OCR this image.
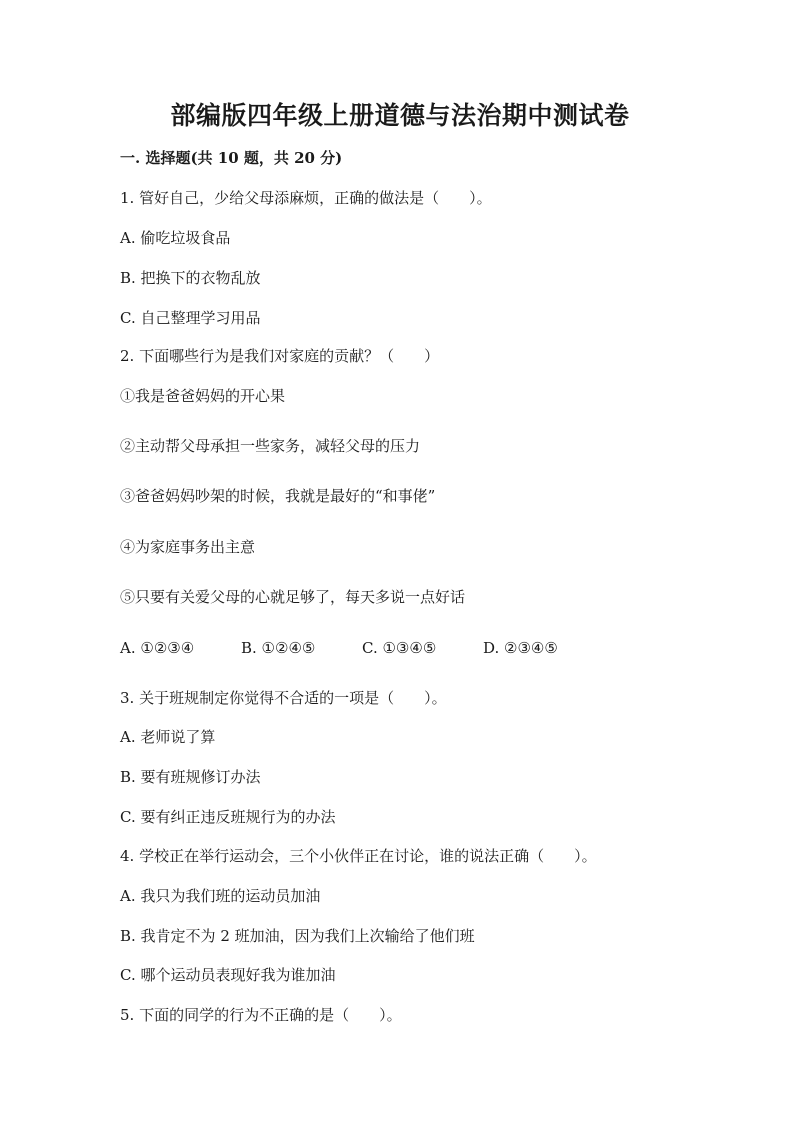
部编版四年级上册道德与法治期中测试卷
一. 选择题(共 10 题，共 20 分)
1. 管好自己，少给父母添麻烦，正确的做法是（　　）。
A. 偷吃垃圾食品
B. 把换下的衣物乱放
C. 自己整理学习用品
2. 下面哪些行为是我们对家庭的贡献？（　　）
①我是爸爸妈妈的开心果
②主动帮父母承担一些家务，减轻父母的压力
③爸爸妈妈吵架的时候，我就是最好的“和事佬”
④为家庭事务出主意
⑤只要有关爱父母的心就足够了，每天多说一点好话
A. ①②③④	B. ①②④⑤	C. ①③④⑤	D. ②③④⑤
3. 关于班规制定你觉得不合适的一项是（　　）。
A. 老师说了算
B. 要有班规修订办法
C. 要有纠正违反班规行为的办法
4. 学校正在举行运动会，三个小伙伴正在讨论，谁的说法正确（　　）。
A. 我只为我们班的运动员加油
B. 我肯定不为 2 班加油，因为我们上次输给了他们班
C. 哪个运动员表现好我为谁加油
5. 下面的同学的行为不正确的是（　　）。
